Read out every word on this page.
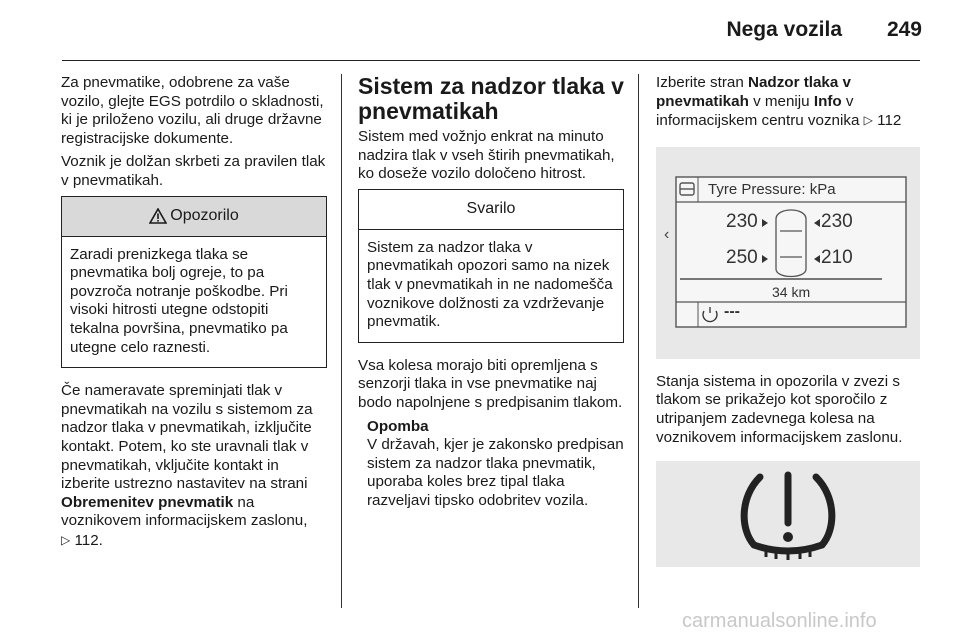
Nega vozila 249

Za pnevmatike, odobrene za vaše vozilo, glejte EGS potrdilo o skladnosti, ki je priloženo vozilu, ali druge državne registracijske dokumente.

Voznik je dolžan skrbeti za pravilen tlak v pnevmatikah.

Opozorilo
Zaradi prenizkega tlaka se pnevmatika bolj ogreje, to pa povzroča notranje poškodbe. Pri visoki hitrosti utegne odstopiti tekalna površina, pnevmatiko pa utegne celo raznesti.

Če nameravate spreminjati tlak v pnevmatikah na vozilu s sistemom za nadzor tlaka v pnevmatikah, izključite kontakt. Potem, ko ste uravnali tlak v pnevmatikah, vključite kontakt in izberite ustrezno nastavitev na strani Obremenitev pnevmatik na voznikovem informacijskem zaslonu,
▷ 112.

Sistem za nadzor tlaka v pnevmatikah

Sistem med vožnjo enkrat na minuto nadzira tlak v vseh štirih pnevmatikah, ko doseže vozilo določeno hitrost.

Svarilo
Sistem za nadzor tlaka v pnevmatikah opozori samo na nizek tlak v pnevmatikah in ne nadomešča voznikove dolžnosti za vzdrževanje pnevmatik.

Vsa kolesa morajo biti opremljena s senzorji tlaka in vse pnevmatike naj bodo napolnjene s predpisanim tlakom.

Opomba
V državah, kjer je zakonsko predpisan sistem za nadzor tlaka pnevmatik, uporaba koles brez tipal tlaka razveljavi tipsko odobritev vozila.

Izberite stran Nadzor tlaka v pnevmatikah v meniju Info v informacijskem centru voznika ▷ 112

‹
Tyre Pressure: kPa
230	230
250	210
34 km
---

Stanja sistema in opozorila v zvezi s tlakom se prikažejo kot sporočilo z utripanjem zadevnega kolesa na voznikovem informacijskem zaslonu.

carmanualsonline.info
